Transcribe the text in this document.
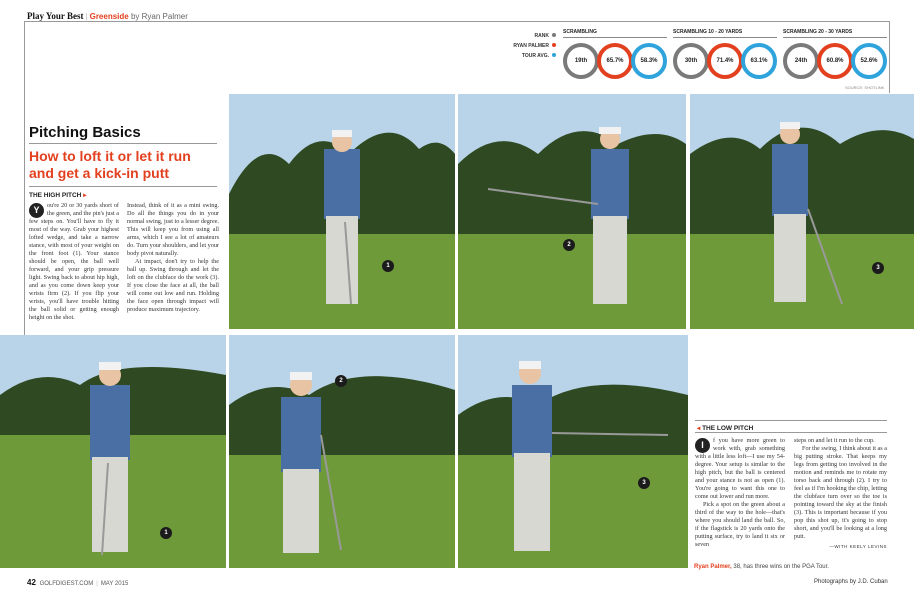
Play Your Best | Greenside by Ryan Palmer
RANK
RYAN PALMER
TOUR AVG.
SCRAMBLING
19th	65.7%	58.3%
SCRAMBLING 10 - 20 YARDS
30th	71.4%	63.1%
SCRAMBLING 20 - 30 YARDS
24th	60.8%	52.6%
SOURCE: SHOTLINK
Pitching Basics
How to loft it or let it run and get a kick-in putt
THE HIGH PITCH ▸
Y	ou're 20 or 30 yards short of the green, and the pin's just a few steps on. You'll have to fly it most of the way. Grab your highest lofted wedge, and take a narrow stance, with most of your weight on the front foot (1). Your stance should be open, the ball well forward, and your grip pressure light. Swing back to about hip high, and as you come down keep your wrists firm (2). If you flip your wrists, you'll have trouble hitting the ball solid or getting enough height on the shot.
Instead, think of it as a mini swing. Do all the things you do in your normal swing, just to a lesser degree. This will keep you from using all arms, which I see a lot of amateurs do. Turn your shoulders, and let your body pivot naturally.
At impact, don't try to help the ball up. Swing through and let the loft on the clubface do the work (3). If you close the face at all, the ball will come out low and run. Holding the face open through impact will produce maximum trajectory.
1
2
3
1
2
3
◂ THE LOW PITCH
I	f you have more green to work with, grab something with a little less loft—I use my 54-degree. Your setup is similar to the high pitch, but the ball is centered and your stance is not as open (1). You're going to want this one to come out lower and run more.
Pick a spot on the green about a third of the way to the hole—that's where you should land the ball. So, if the flagstick is 20 yards onto the putting surface, try to land it six or seven
steps on and let it run to the cup.
For the swing, I think about it as a big putting stroke. That keeps my legs from getting too involved in the motion and reminds me to rotate my torso back and through (2). I try to feel as if I'm hooking the chip, letting the clubface turn over so the toe is pointing toward the sky at the finish (3). This is important because if you pop this shot up, it's going to stop short, and you'll be looking at a long putt.
—WITH KEELY LEVINS
Ryan Palmer, 38, has three wins on the PGA Tour.
42 GOLFDIGEST.COM | MAY 2015	Photographs by J.D. Cuban
